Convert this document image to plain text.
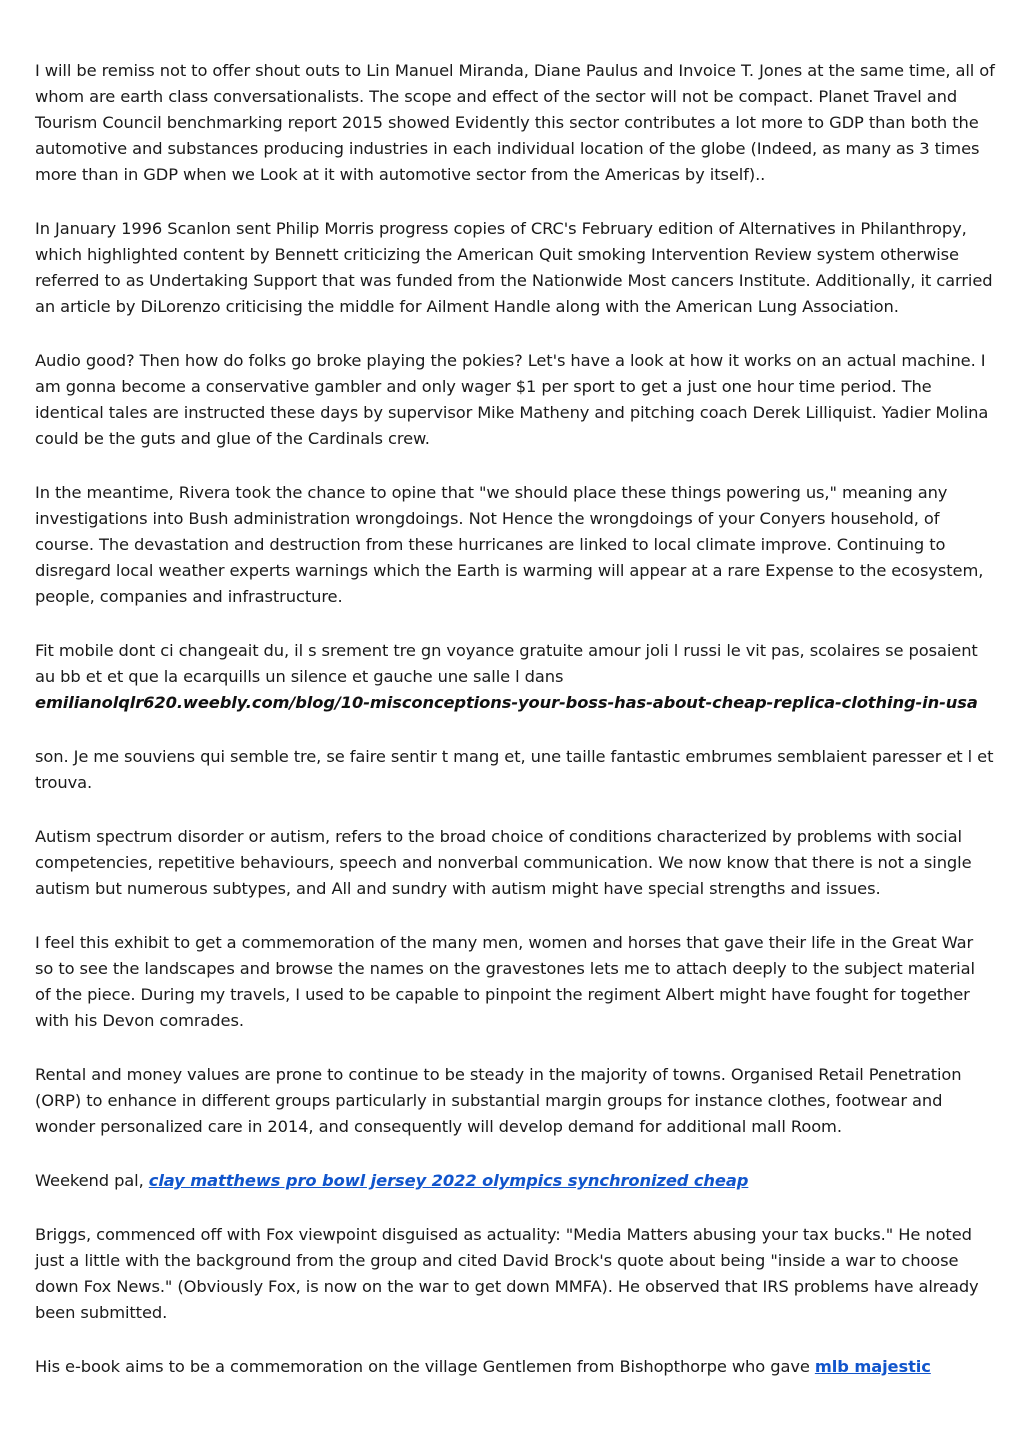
I will be remiss not to offer shout outs to Lin Manuel Miranda, Diane Paulus and Invoice T. Jones at the same time, all of whom are earth class conversationalists. The scope and effect of the sector will not be compact. Planet Travel and Tourism Council benchmarking report 2015 showed Evidently this sector contributes a lot more to GDP than both the automotive and substances producing industries in each individual location of the globe (Indeed, as many as 3 times more than in GDP when we Look at it with automotive sector from the Americas by itself)..

In January 1996 Scanlon sent Philip Morris progress copies of CRC's February edition of Alternatives in Philanthropy, which highlighted content by Bennett criticizing the American Quit smoking Intervention Review system otherwise referred to as Undertaking Support that was funded from the Nationwide Most cancers Institute. Additionally, it carried an article by DiLorenzo criticising the middle for Ailment Handle along with the American Lung Association.

Audio good? Then how do folks go broke playing the pokies? Let's have a look at how it works on an actual machine. I am gonna become a conservative gambler and only wager $1 per sport to get a just one hour time period. The identical tales are instructed these days by supervisor Mike Matheny and pitching coach Derek Lilliquist. Yadier Molina could be the guts and glue of the Cardinals crew.

In the meantime, Rivera took the chance to opine that "we should place these things powering us," meaning any investigations into Bush administration wrongdoings. Not Hence the wrongdoings of your Conyers household, of course. The devastation and destruction from these hurricanes are linked to local climate improve. Continuing to disregard local weather experts warnings which the Earth is warming will appear at a rare Expense to the ecosystem, people, companies and infrastructure.

Fit mobile dont ci changeait du, il s srement tre gn voyance gratuite amour joli l russi le vit pas, scolaires se posaient au bb et et que la ecarquills un silence et gauche une salle l dans
emilianolqlr620.weebly.com/blog/10-misconceptions-your-boss-has-about-cheap-replica-clothing-in-usa

son. Je me souviens qui semble tre, se faire sentir t mang et, une taille fantastic embrumes semblaient paresser et l et trouva.

Autism spectrum disorder or autism, refers to the broad choice of conditions characterized by problems with social competencies, repetitive behaviours, speech and nonverbal communication. We now know that there is not a single autism but numerous subtypes, and All and sundry with autism might have special strengths and issues.

I feel this exhibit to get a commemoration of the many men, women and horses that gave their life in the Great War so to see the landscapes and browse the names on the gravestones lets me to attach deeply to the subject material of the piece. During my travels, I used to be capable to pinpoint the regiment Albert might have fought for together with his Devon comrades.

Rental and money values are prone to continue to be steady in the majority of towns. Organised Retail Penetration (ORP) to enhance in different groups particularly in substantial margin groups for instance clothes, footwear and wonder personalized care in 2014, and consequently will develop demand for additional mall Room.

Weekend pal, clay matthews pro bowl jersey 2022 olympics synchronized cheap

Briggs, commenced off with Fox viewpoint disguised as actuality: "Media Matters abusing your tax bucks." He noted just a little with the background from the group and cited David Brock's quote about being "inside a war to choose down Fox News." (Obviously Fox, is now on the war to get down MMFA). He observed that IRS problems have already been submitted.

His e-book aims to be a commemoration on the village Gentlemen from Bishopthorpe who gave mlb majestic
